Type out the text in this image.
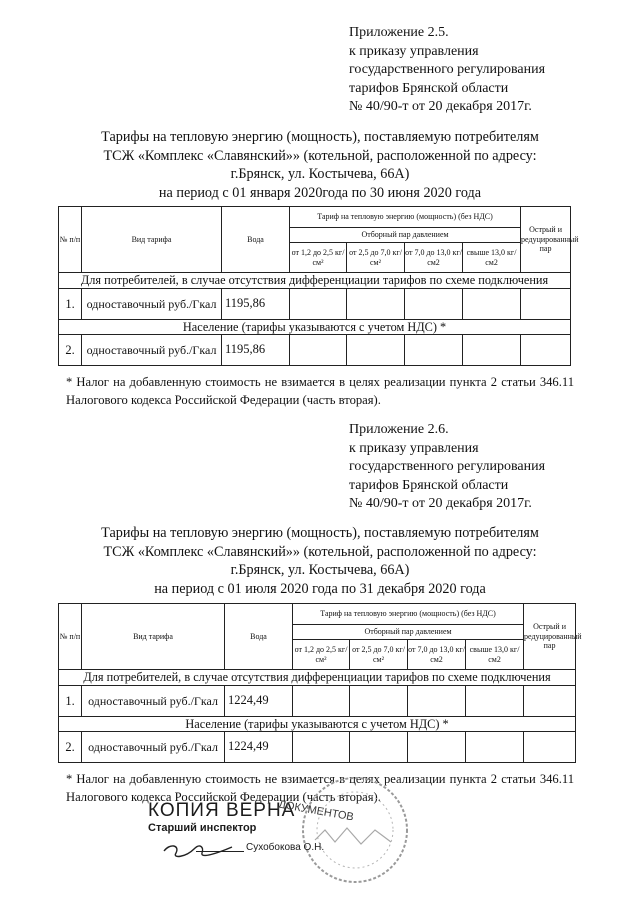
Приложение 2.5.
к приказу управления
государственного регулирования
тарифов Брянской области
№ 40/90-т от 20 декабря 2017г.
Тарифы на тепловую энергию (мощность), поставляемую потребителям
ТСЖ «Комплекс «Славянский»» (котельной, расположенной по адресу:
г.Брянск, ул. Костычева, 66А)
на период с 01 января 2020года по 30 июня 2020 года
№ п/п	Вид тарифа	Вода	Тариф на тепловую энергию (мощность) (без НДС)				Острый и редуцированный пар
			Отборный пар давлением				
			от 1,2 до 2,5 кг/см²	от 2,5 до 7,0 кг/см²	от 7,0 до 13,0 кг/см2	свыше 13,0 кг/см2	
Для потребителей, в случае отсутствия дифференциации тарифов по схеме подключения							
1.	одноставочный руб./Гкал	1195,86					
Население (тарифы указываются с учетом НДС) *							
2.	одноставочный руб./Гкал	1195,86					
* Налог на добавленную стоимость не взимается в целях реализации пункта 2 статьи 346.11 Налогового кодекса Российской Федерации (часть вторая).
Приложение 2.6.
к приказу управления
государственного регулирования
тарифов Брянской области
№ 40/90-т от 20 декабря 2017г.
Тарифы на тепловую энергию (мощность), поставляемую потребителям
ТСЖ «Комплекс «Славянский»» (котельной, расположенной по адресу:
г.Брянск, ул. Костычева, 66А)
на период с 01 июля 2020 года по 31 декабря 2020 года
№ п/п	Вид тарифа	Вода	Тариф на тепловую энергию (мощность) (без НДС)				Острый и редуцированный пар
			Отборный пар давлением				
			от 1,2 до 2,5 кг/см²	от 2,5 до 7,0 кг/см²	от 7,0 до 13,0 кг/см2	свыше 13,0 кг/см2	
Для потребителей, в случае отсутствия дифференциации тарифов по схеме подключения							
1.	одноставочный руб./Гкал	1224,49					
Население (тарифы указываются с учетом НДС) *							
2.	одноставочный руб./Гкал	1224,49					
* Налог на добавленную стоимость не взимается в целях реализации пункта 2 статьи 346.11 Налогового кодекса Российской Федерации (часть вторая).
КОПИЯ ВЕРНА
ДОКУМЕНТОВ
Старший инспектор
Сухобокова О.Н.
